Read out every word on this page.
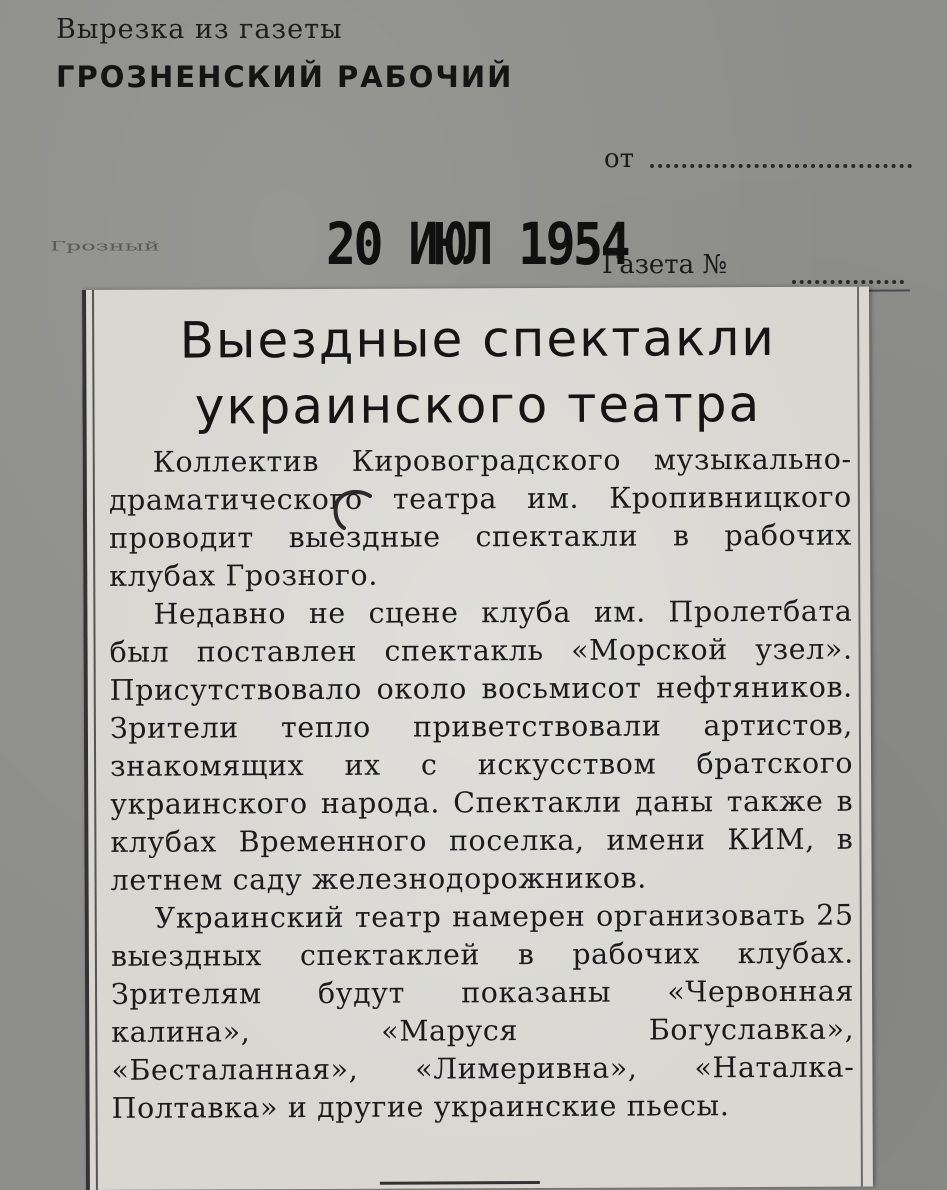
Вырезка из газеты
ГРОЗНЕНСКИЙ РАБОЧИЙ
от
Грозный	20 ИЮЛ 1954
Газета №
Выездные спектакли
украинского театра

Коллектив Кировоградского музыкально-драматического театра им. Кропивницкого проводит выездные спектакли в рабочих клубах Грозного.

Недавно не сцене клуба им. Пролетбата был поставлен спектакль «Морской узел». Присутствовало около восьмисот нефтяников. Зрители тепло приветствовали артистов, знакомящих их с искусством братского украинского народа. Спектакли даны также в клубах Временного поселка, имени КИМ, в летнем саду железнодорожников.

Украинский театр намерен организовать 25 выездных спектаклей в рабочих клубах. Зрителям будут показаны «Червонная калина», «Маруся Богуславка», «Бесталанная», «Лимеривна», «Наталка-Полтавка» и другие украинские пьесы.
